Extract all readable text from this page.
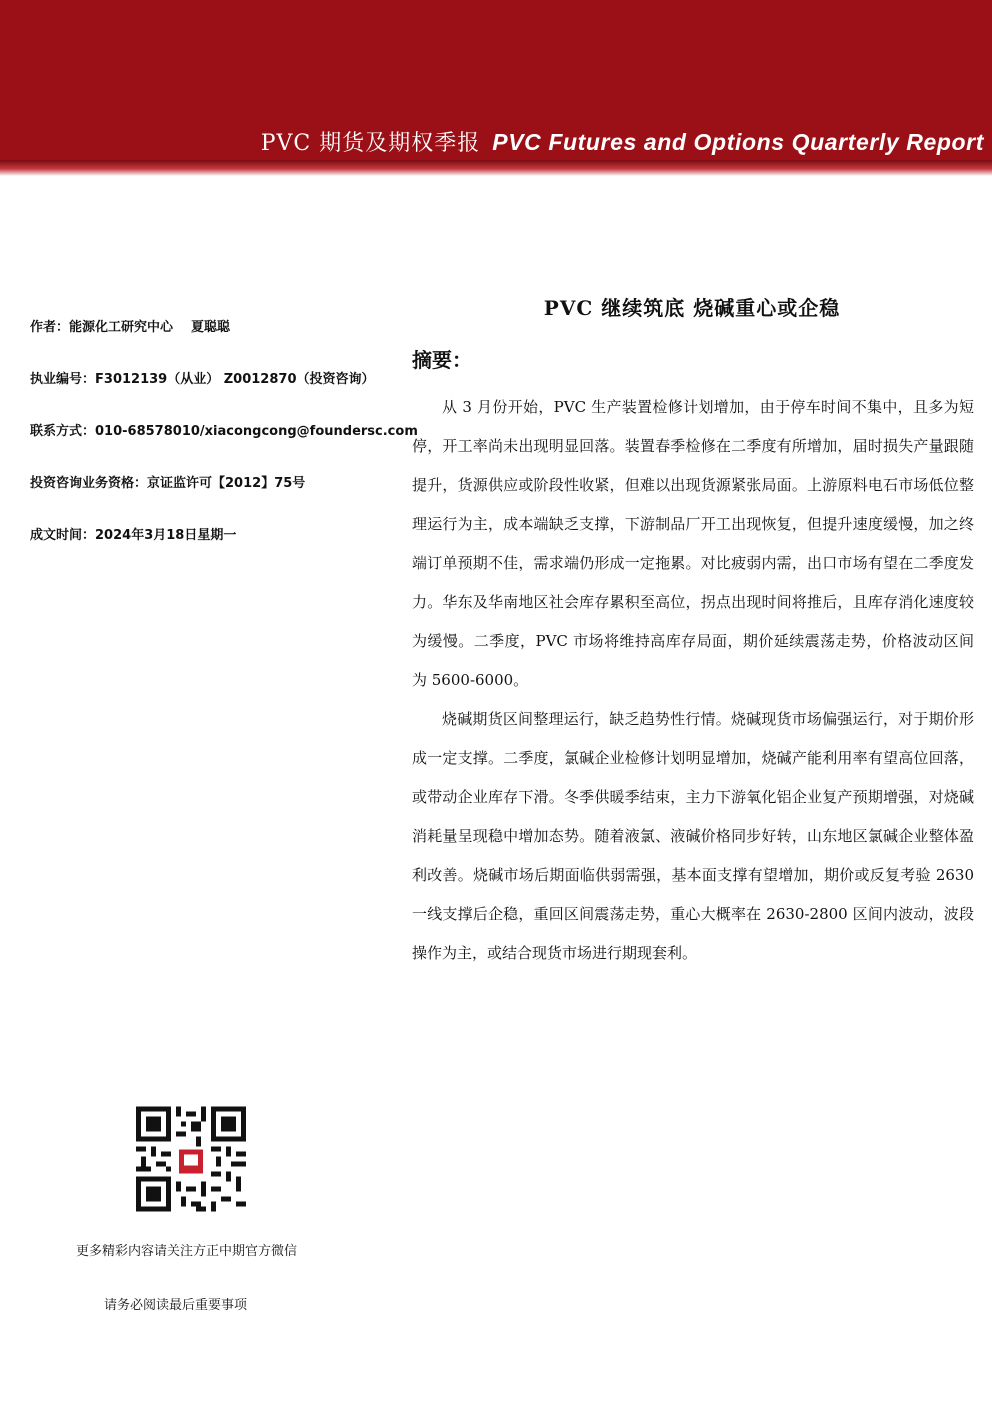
PVC 期货及期权季报 PVC Futures and Options Quarterly Report
作者：能源化工研究中心 夏聪聪
执业编号：F3012139（从业） Z0012870（投资咨询）
联系方式：010-68578010/xiacongcong@foundersc.com
投资咨询业务资格：京证监许可【2012】75号
成文时间：2024年3月18日星期一
PVC 继续筑底 烧碱重心或企稳
摘要：

从 3 月份开始，PVC 生产装置检修计划增加，由于停车时间不集中，且多为短停，开工率尚未出现明显回落。装置春季检修在二季度有所增加，届时损失产量跟随提升，货源供应或阶段性收紧，但难以出现货源紧张局面。上游原料电石市场低位整理运行为主，成本端缺乏支撑，下游制品厂开工出现恢复，但提升速度缓慢，加之终端订单预期不佳，需求端仍形成一定拖累。对比疲弱内需，出口市场有望在二季度发力。华东及华南地区社会库存累积至高位，拐点出现时间将推后，且库存消化速度较为缓慢。二季度，PVC 市场将维持高库存局面，期价延续震荡走势，价格波动区间为 5600-6000。

烧碱期货区间整理运行，缺乏趋势性行情。烧碱现货市场偏强运行，对于期价形成一定支撑。二季度，氯碱企业检修计划明显增加，烧碱产能利用率有望高位回落，或带动企业库存下滑。冬季供暖季结束，主力下游氧化铝企业复产预期增强，对烧碱消耗量呈现稳中增加态势。随着液氯、液碱价格同步好转，山东地区氯碱企业整体盈利改善。烧碱市场后期面临供弱需强，基本面支撑有望增加，期价或反复考验 2630 一线支撑后企稳，重回区间震荡走势，重心大概率在 2630-2800 区间内波动，波段操作为主，或结合现货市场进行期现套利。

更多精彩内容请关注方正中期官方微信
请务必阅读最后重要事项
